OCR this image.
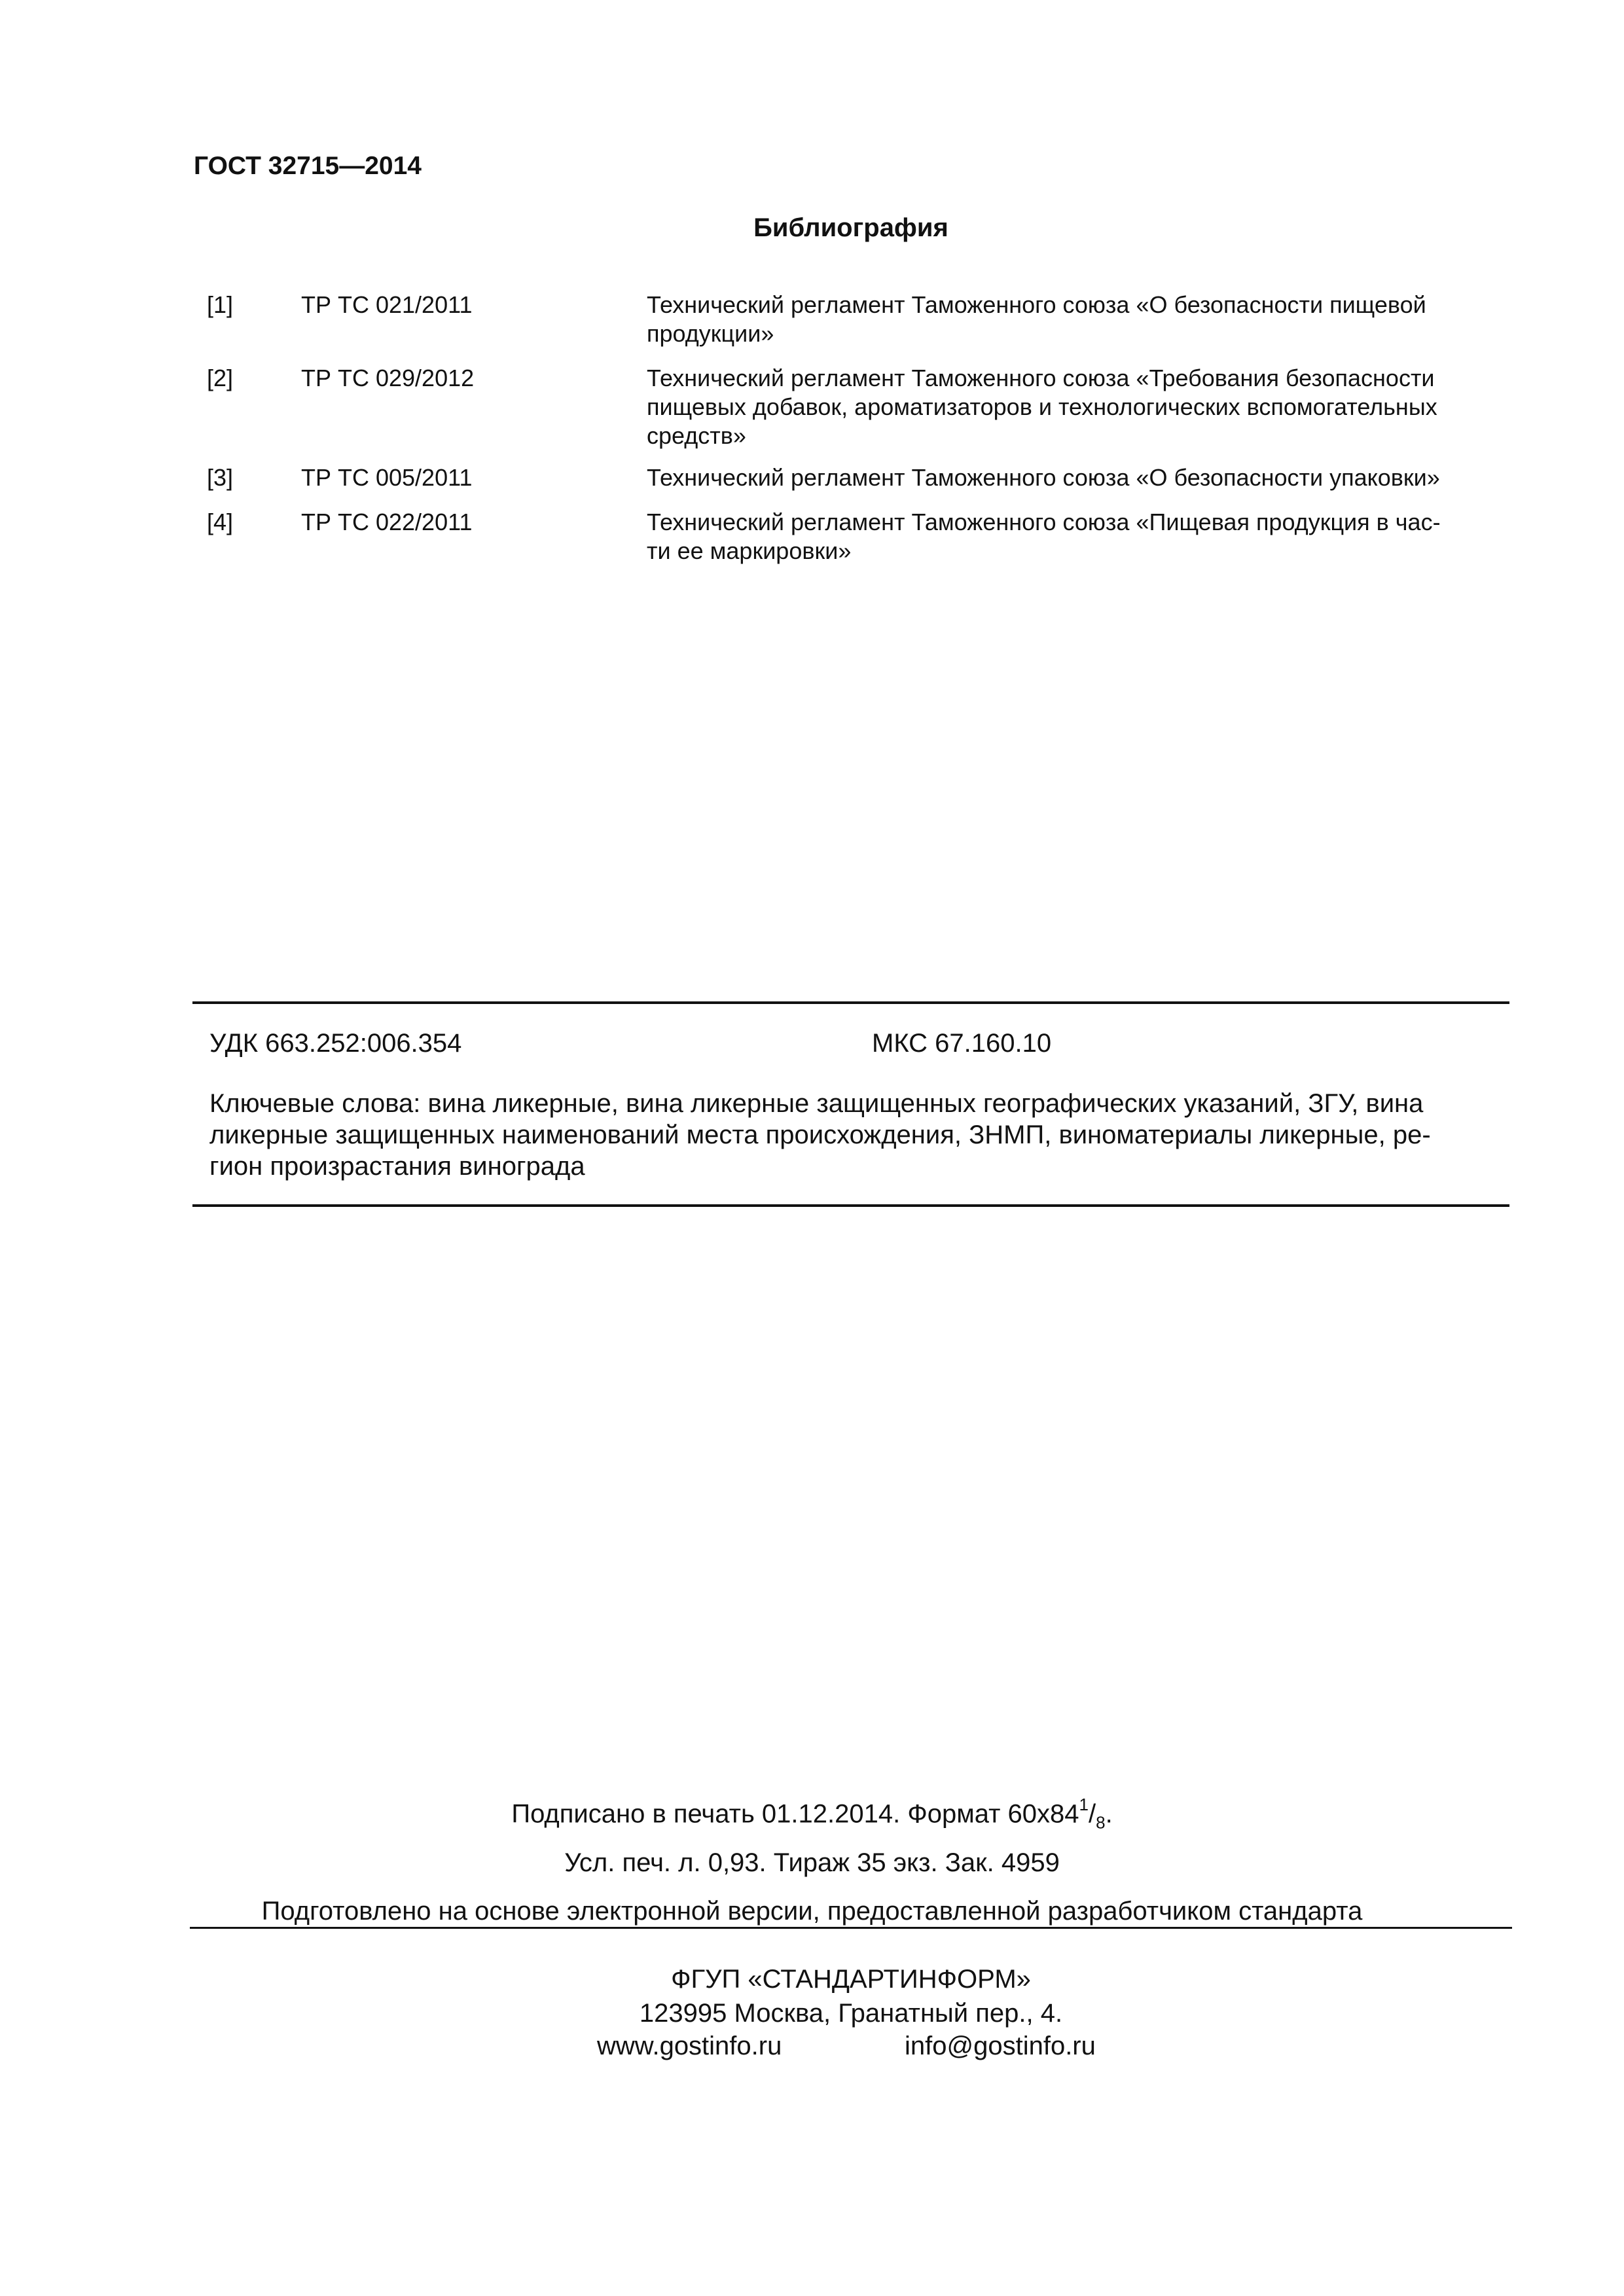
ГОСТ 32715—2014
Библиография
[1]	ТР ТС 021/2011	Технический регламент Таможенного союза «О безопасности пищевой
продукции»
[2]	ТР ТС 029/2012	Технический регламент Таможенного союза «Требования безопасности
пищевых добавок, ароматизаторов и технологических вспомогательных
средств»
[3]	ТР ТС 005/2011	Технический регламент Таможенного союза «О безопасности упаковки»
[4]	ТР ТС 022/2011	Технический регламент Таможенного союза «Пищевая продукция в час-
ти ее маркировки»
УДК 663.252:006.354	МКС 67.160.10
Ключевые слова: вина ликерные, вина ликерные защищенных географических указаний, ЗГУ, вина
ликерные защищенных наименований места происхождения, ЗНМП, виноматериалы ликерные, ре-
гион произрастания винограда
Подписано в печать 01.12.2014. Формат $60х84^1/_8$.
Усл. печ. л. 0,93. Тираж 35 экз. Зак. 4959
Подготовлено на основе электронной версии, предоставленной разработчиком стандарта
ФГУП «СТАНДАРТИНФОРМ»
123995 Москва, Гранатный пер., 4.
www.gostinfo.ru	info@gostinfo.ru
